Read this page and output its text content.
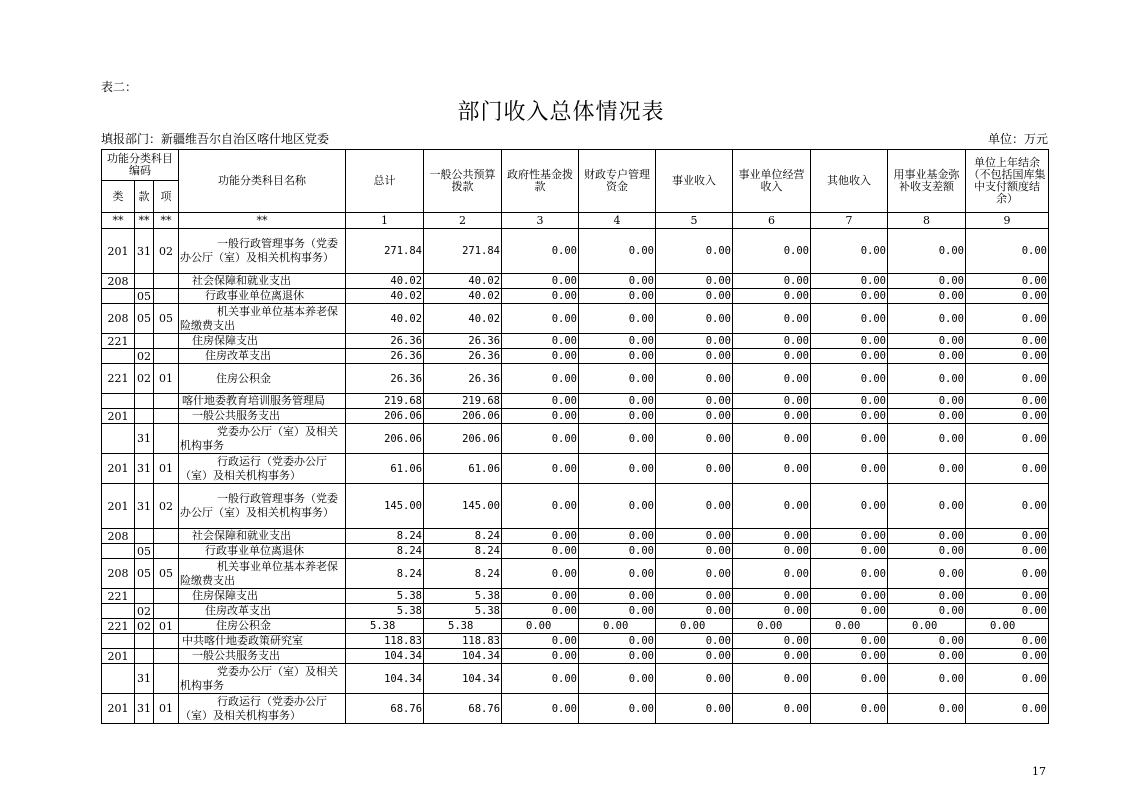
表二：
部门收入总体情况表
填报部门：新疆维吾尔自治区喀什地区党委	单位：万元
功能分类科目编码			功能分类科目名称	总计	一般公共预算拨款	政府性基金拨款	财政专户管理资金	事业收入	事业单位经营收入	其他收入	用事业基金弥补收支差额	单位上年结余（不包括国库集中支付额度结余）
类	款	项										
**	**	**	**	1	2	3	4	5	6	7	8	9
201	31	02	一般行政管理事务（党委办公厅（室）及相关机构事务）	271.84	271.84	0.00	0.00	0.00	0.00	0.00	0.00	0.00
208			社会保障和就业支出	40.02	40.02	0.00	0.00	0.00	0.00	0.00	0.00	0.00
	05		行政事业单位离退休	40.02	40.02	0.00	0.00	0.00	0.00	0.00	0.00	0.00
208	05	05	机关事业单位基本养老保险缴费支出	40.02	40.02	0.00	0.00	0.00	0.00	0.00	0.00	0.00
221			住房保障支出	26.36	26.36	0.00	0.00	0.00	0.00	0.00	0.00	0.00
	02		住房改革支出	26.36	26.36	0.00	0.00	0.00	0.00	0.00	0.00	0.00
221	02	01	住房公积金	26.36	26.36	0.00	0.00	0.00	0.00	0.00	0.00	0.00
			喀什地委教育培训服务管理局	219.68	219.68	0.00	0.00	0.00	0.00	0.00	0.00	0.00
201			一般公共服务支出	206.06	206.06	0.00	0.00	0.00	0.00	0.00	0.00	0.00
	31		党委办公厅（室）及相关机构事务	206.06	206.06	0.00	0.00	0.00	0.00	0.00	0.00	0.00
201	31	01	行政运行（党委办公厅（室）及相关机构事务）	61.06	61.06	0.00	0.00	0.00	0.00	0.00	0.00	0.00
201	31	02	一般行政管理事务（党委办公厅（室）及相关机构事务）	145.00	145.00	0.00	0.00	0.00	0.00	0.00	0.00	0.00
208			社会保障和就业支出	8.24	8.24	0.00	0.00	0.00	0.00	0.00	0.00	0.00
	05		行政事业单位离退休	8.24	8.24	0.00	0.00	0.00	0.00	0.00	0.00	0.00
208	05	05	机关事业单位基本养老保险缴费支出	8.24	8.24	0.00	0.00	0.00	0.00	0.00	0.00	0.00
221			住房保障支出	5.38	5.38	0.00	0.00	0.00	0.00	0.00	0.00	0.00
	02		住房改革支出	5.38	5.38	0.00	0.00	0.00	0.00	0.00	0.00	0.00
221	02	01	住房公积金	5.38	5.38	0.00	0.00	0.00	0.00	0.00	0.00	0.00
			中共喀什地委政策研究室	118.83	118.83	0.00	0.00	0.00	0.00	0.00	0.00	0.00
201			一般公共服务支出	104.34	104.34	0.00	0.00	0.00	0.00	0.00	0.00	0.00
	31		党委办公厅（室）及相关机构事务	104.34	104.34	0.00	0.00	0.00	0.00	0.00	0.00	0.00
201	31	01	行政运行（党委办公厅（室）及相关机构事务）	68.76	68.76	0.00	0.00	0.00	0.00	0.00	0.00	0.00
17
